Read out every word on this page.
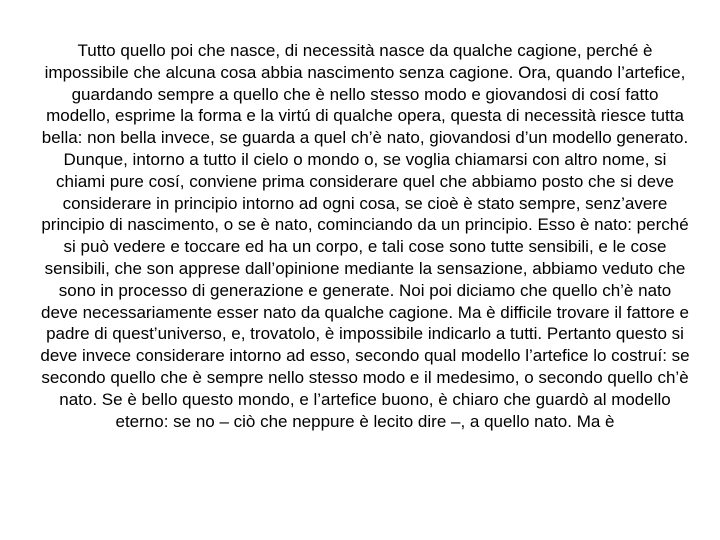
Tutto quello poi che nasce, di necessità nasce da qualche cagione, perché è impossibile che alcuna cosa abbia nascimento senza cagione. Ora, quando l’artefice, guardando sempre a quello che è nello stesso modo e giovandosi di cosí fatto modello, esprime la forma e la virtú di qualche opera, questa di necessità riesce tutta bella: non bella invece, se guarda a quel ch’è nato, giovandosi d’un modello generato.

Dunque, intorno a tutto il cielo o mondo o, se voglia chiamarsi con altro nome, si chiami pure cosí, conviene prima considerare quel che abbiamo posto che si deve considerare in principio intorno ad ogni cosa, se cioè è stato sempre, senz’avere principio di nascimento, o se è nato, cominciando da un principio. Esso è nato: perché si può vedere e toccare ed ha un corpo, e tali cose sono tutte sensibili, e le cose sensibili, che son apprese dall’opinione mediante la sensazione, abbiamo veduto che sono in processo di generazione e generate. Noi poi diciamo che quello ch’è nato deve necessariamente esser nato da qualche cagione. Ma è difficile trovare il fattore e padre di quest’universo, e, trovatolo, è impossibile indicarlo a tutti. Pertanto questo si deve invece considerare intorno ad esso, secondo qual modello l’artefice lo costruí: se secondo quello che è sempre nello stesso modo e il medesimo, o secondo quello ch’è nato. Se è bello questo mondo, e l’artefice buono, è chiaro che guardò al modello eterno: se no – ciò che neppure è lecito dire –, a quello nato. Ma è
